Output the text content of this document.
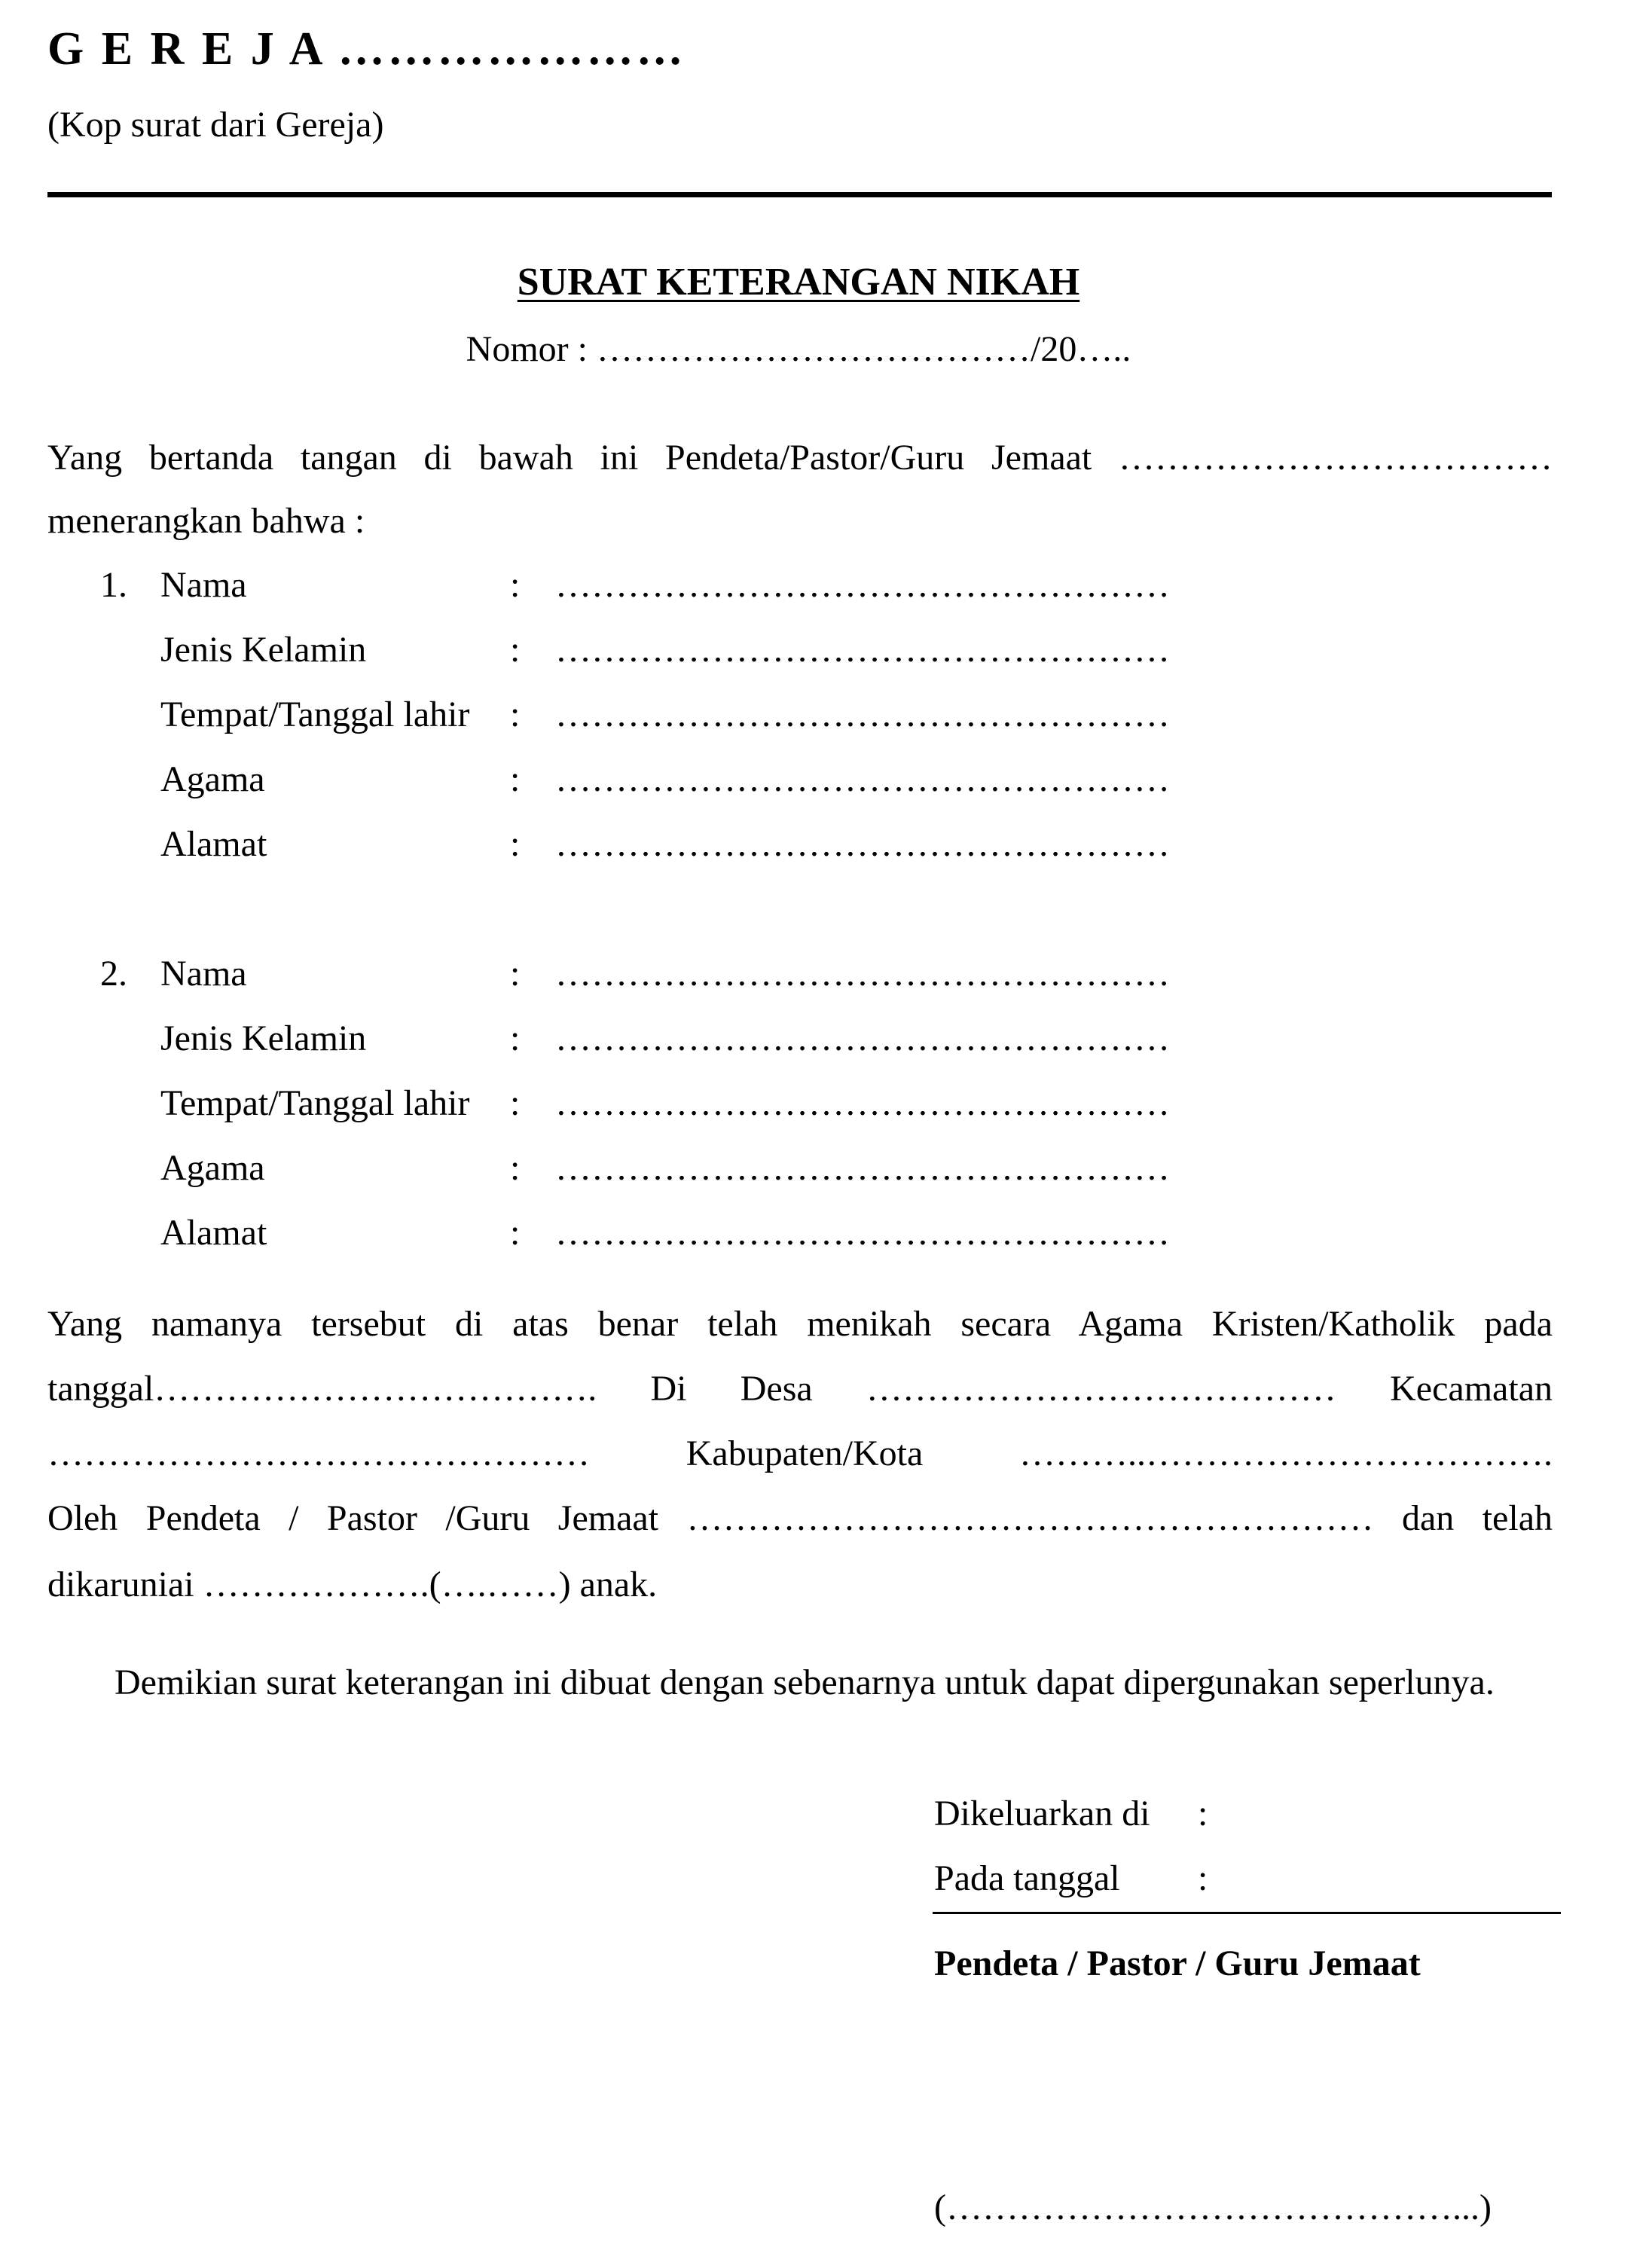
G E R E J A …………………
(Kop surat dari Gereja)
SURAT KETERANGAN NIKAH
Nomor : ………………………………/20…..
Yang bertanda tangan di bawah ini Pendeta/Pastor/Guru Jemaat ………………………………
menerangkan bahwa :
1. Nama	: ……………………………………………
Jenis Kelamin	: ……………………………………………
Tempat/Tanggal lahir : ……………………………………………
Agama	: ……………………………………………
Alamat	: ……………………………………………
2. Nama	: ……………………………………………
Jenis Kelamin	: ……………………………………………
Tempat/Tanggal lahir : ……………………………………………
Agama	: ……………………………………………
Alamat	: ……………………………………………
Yang namanya tersebut di atas benar telah menikah secara Agama Kristen/Katholik pada
tanggal………………………………. Di Desa ………………………………… Kecamatan
……………………………………… Kabupaten/Kota ………..…………………………….
Oleh Pendeta / Pastor /Guru Jemaat ………………………………………………… dan telah
dikaruniai ……………….(….……) anak.
Demikian surat keterangan ini dibuat dengan sebenarnya untuk dapat dipergunakan seperlunya.
Dikeluarkan di :
Pada tanggal :
Pendeta / Pastor / Guru Jemaat
(……………………………………...)
